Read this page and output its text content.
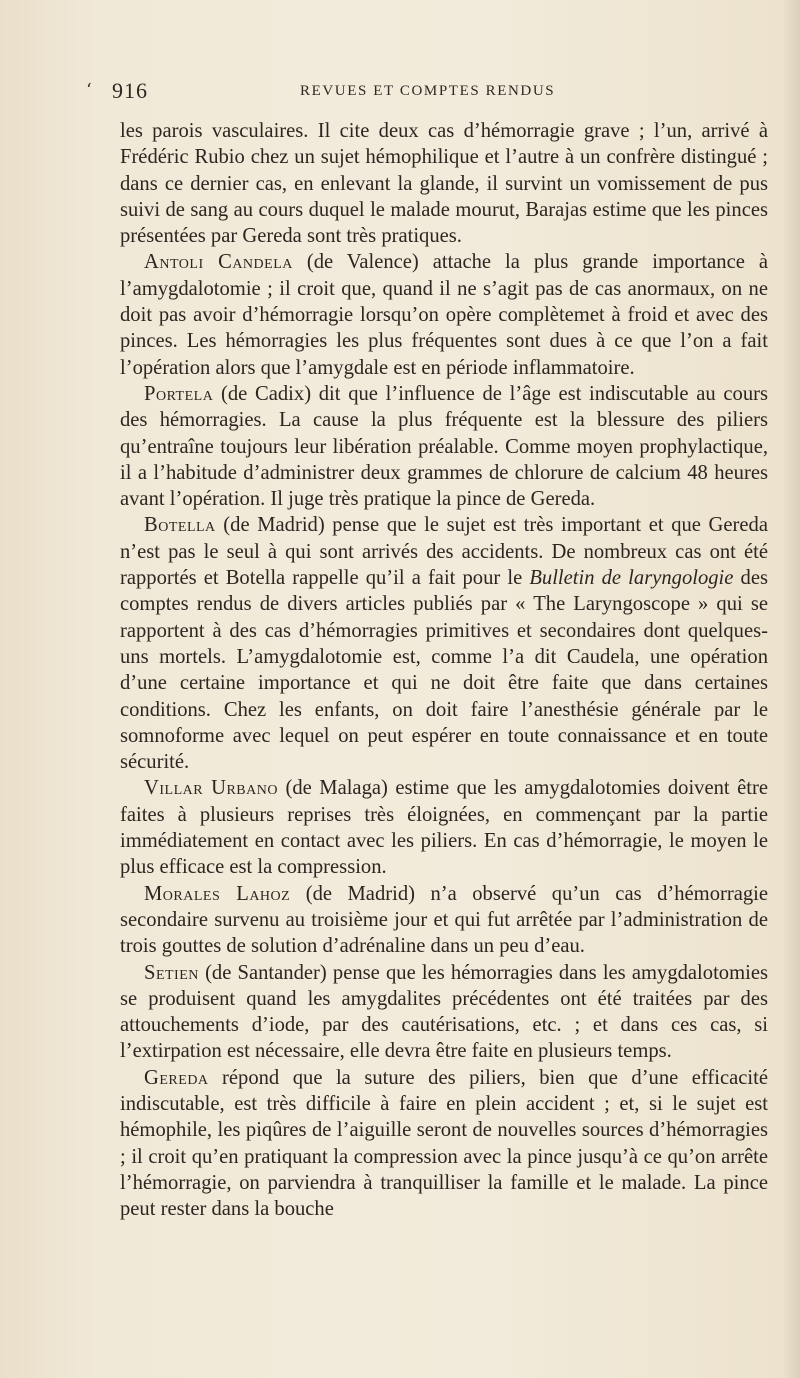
‘ 916	REVUES ET COMPTES RENDUS

les parois vasculaires. Il cite deux cas d’hémorragie grave ; l’un, arrivé à Frédéric Rubio chez un sujet hémophilique et l’autre à un confrère distingué ; dans ce dernier cas, en enlevant la glande, il survint un vomissement de pus suivi de sang au cours duquel le malade mourut, Barajas estime que les pinces présentées par Gereda sont très pratiques.

Antoli Candela (de Valence) attache la plus grande importance à l’amygdalotomie ; il croit que, quand il ne s’agit pas de cas anormaux, on ne doit pas avoir d’hémorragie lorsqu’on opère complètemet à froid et avec des pinces. Les hémorragies les plus fréquentes sont dues à ce que l’on a fait l’opération alors que l’amygdale est en période inflammatoire.

Portela (de Cadix) dit que l’influence de l’âge est indiscutable au cours des hémorragies. La cause la plus fréquente est la blessure des piliers qu’entraîne toujours leur libération préalable. Comme moyen prophylactique, il a l’habitude d’administrer deux grammes de chlorure de calcium 48 heures avant l’opération. Il juge très pratique la pince de Gereda.

Botella (de Madrid) pense que le sujet est très important et que Gereda n’est pas le seul à qui sont arrivés des accidents. De nombreux cas ont été rapportés et Botella rappelle qu’il a fait pour le Bulletin de laryngologie des comptes rendus de divers articles publiés par « The Laryngoscope » qui se rapportent à des cas d’hémorragies primitives et secondaires dont quelques-uns mortels. L’amygdalotomie est, comme l’a dit Caudela, une opération d’une certaine importance et qui ne doit être faite que dans certaines conditions. Chez les enfants, on doit faire l’anesthésie générale par le somnoforme avec lequel on peut espérer en toute connaissance et en toute sécurité.

Villar Urbano (de Malaga) estime que les amygdalotomies doivent être faites à plusieurs reprises très éloignées, en commençant par la partie immédiatement en contact avec les piliers. En cas d’hémorragie, le moyen le plus efficace est la compression.

Morales Lahoz (de Madrid) n’a observé qu’un cas d’hémorragie secondaire survenu au troisième jour et qui fut arrêtée par l’administration de trois gouttes de solution d’adrénaline dans un peu d’eau.

Setien (de Santander) pense que les hémorragies dans les amygdalotomies se produisent quand les amygdalites précédentes ont été traitées par des attouchements d’iode, par des cautérisations, etc. ; et dans ces cas, si l’extirpation est nécessaire, elle devra être faite en plusieurs temps.

Gereda répond que la suture des piliers, bien que d’une efficacité indiscutable, est très difficile à faire en plein accident ; et, si le sujet est hémophile, les piqûres de l’aiguille seront de nouvelles sources d’hémorragies ; il croit qu’en pratiquant la compression avec la pince jusqu’à ce qu’on arrête l’hémorragie, on parviendra à tranquilliser la famille et le malade. La pince peut rester dans la bouche
